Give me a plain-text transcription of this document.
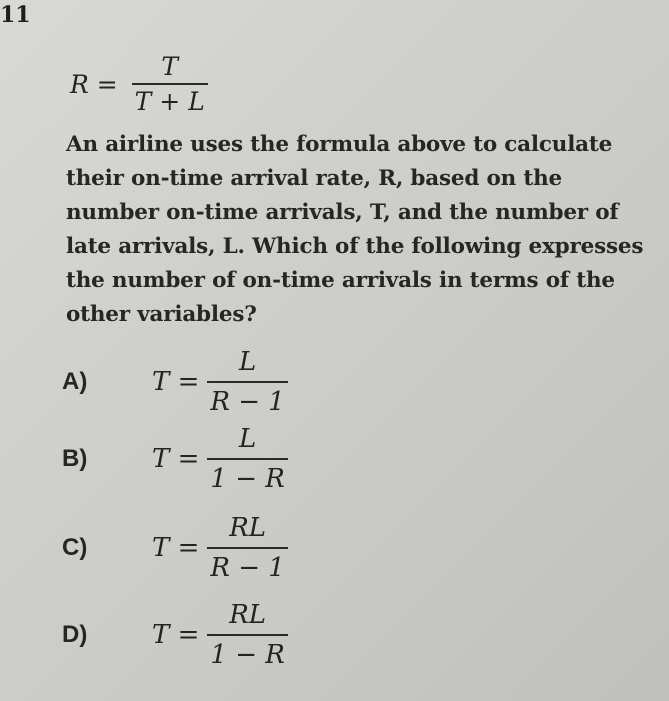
11
$R = \frac{T}{T + L}$
An airline uses the formula above to calculate their on-time arrival rate, R, based on the number on-time arrivals, T, and the number of late arrivals, L. Which of the following expresses the number of on-time arrivals in terms of the other variables?
A) $T = \frac{L}{R - 1}$
B) $T = \frac{L}{1 - R}$
C) $T = \frac{RL}{R - 1}$
D) $T = \frac{RL}{1 - R}$
